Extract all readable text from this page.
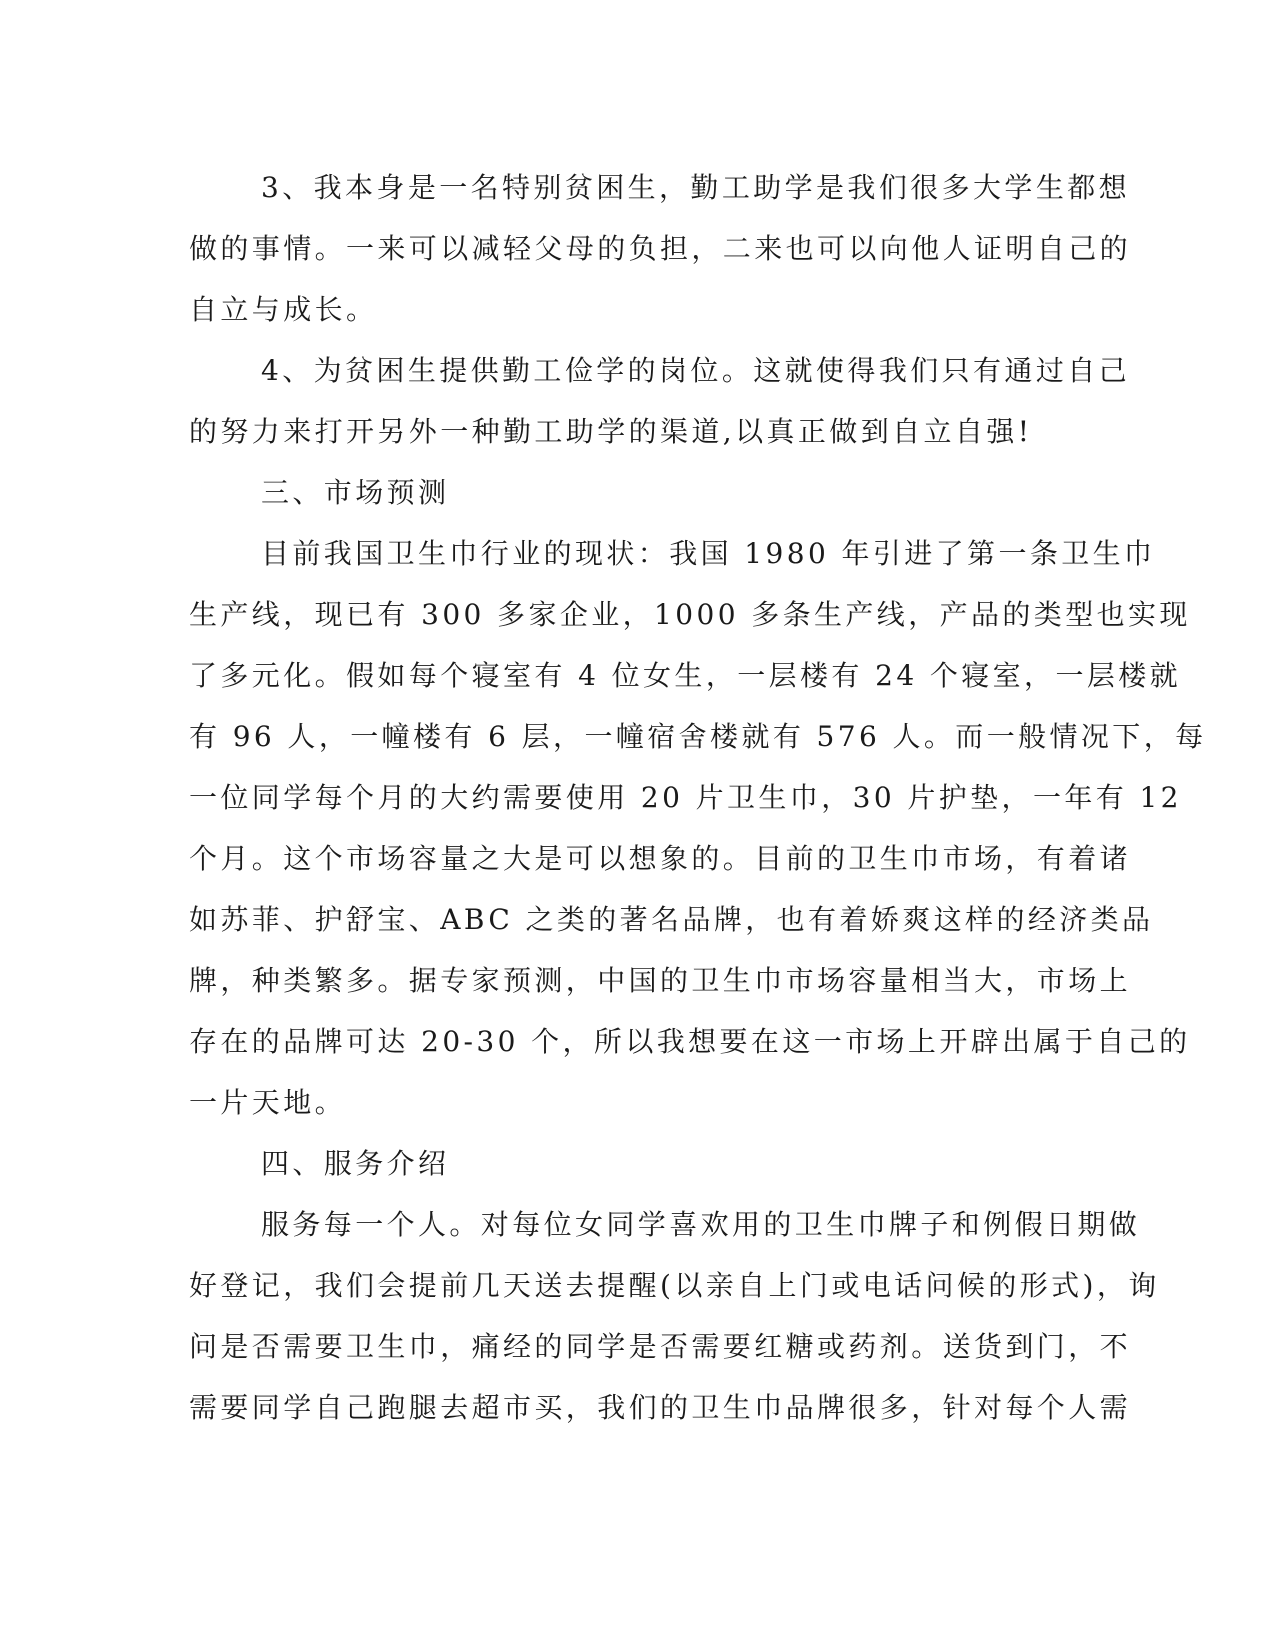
3、我本身是一名特别贫困生，勤工助学是我们很多大学生都想
做的事情。一来可以减轻父母的负担，二来也可以向他人证明自己的
自立与成长。
4、为贫困生提供勤工俭学的岗位。这就使得我们只有通过自己
的努力来打开另外一种勤工助学的渠道,以真正做到自立自强!
三、市场预测
目前我国卫生巾行业的现状：我国 1980 年引进了第一条卫生巾
生产线，现已有 300 多家企业，1000 多条生产线，产品的类型也实现
了多元化。假如每个寝室有 4 位女生，一层楼有 24 个寝室，一层楼就
有 96 人，一幢楼有 6 层，一幢宿舍楼就有 576 人。而一般情况下，每
一位同学每个月的大约需要使用 20 片卫生巾，30 片护垫，一年有 12
个月。这个市场容量之大是可以想象的。目前的卫生巾市场，有着诸
如苏菲、护舒宝、ABC 之类的著名品牌，也有着娇爽这样的经济类品
牌，种类繁多。据专家预测，中国的卫生巾市场容量相当大，市场上
存在的品牌可达 20-30 个，所以我想要在这一市场上开辟出属于自己的
一片天地。
四、服务介绍
服务每一个人。对每位女同学喜欢用的卫生巾牌子和例假日期做
好登记，我们会提前几天送去提醒(以亲自上门或电话问候的形式)，询
问是否需要卫生巾，痛经的同学是否需要红糖或药剂。送货到门，不
需要同学自己跑腿去超市买，我们的卫生巾品牌很多，针对每个人需
